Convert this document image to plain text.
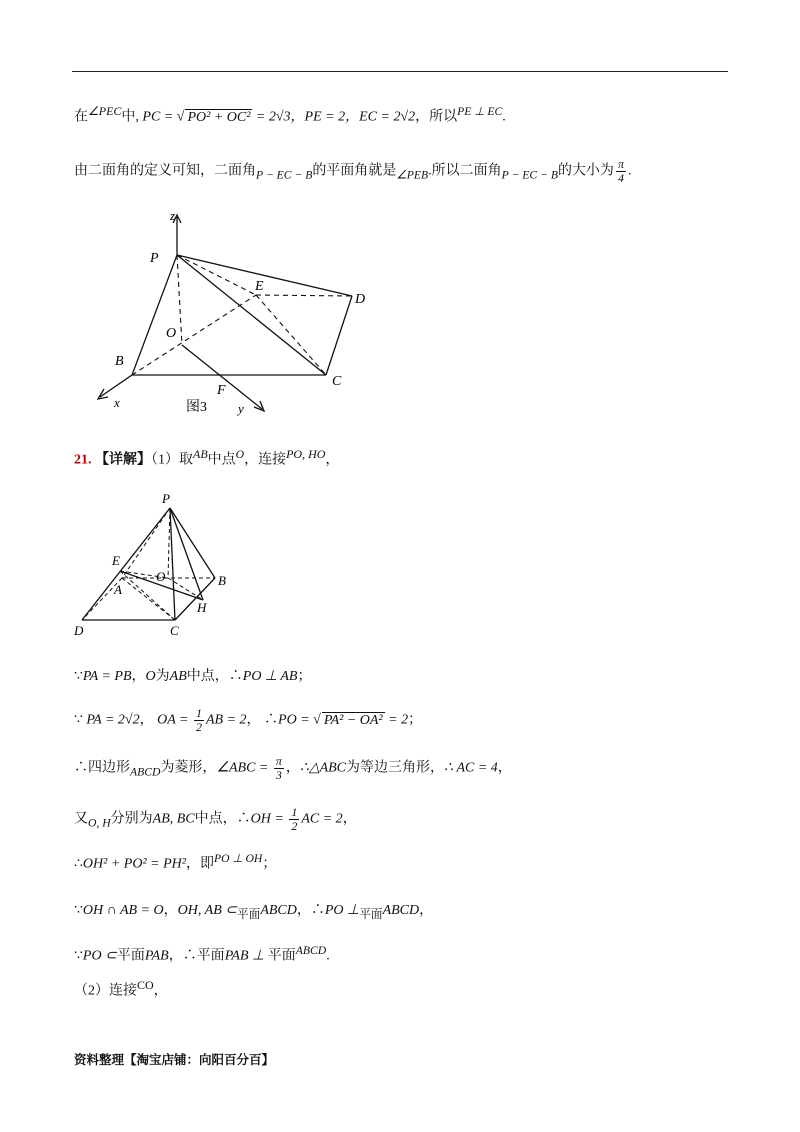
在$^{\angle PEC}$中, PC = √ PO² + OC² = 2√3，PE = 2，EC = 2√2，所以$^{PE \perp EC}$.
由二面角的定义可知，二面角$_{P - EC - B}$的平面角就是$_{\angle PEB}$.所以二面角$_{P - EC - B}$的大小为 $\frac{\pi}{4}$ .
z
P
E
D
O
B
C
F
x	y
图3
21. 【详解】（1）取$^{AB}$中点$^O$，连接$^{PO, HO}$，
P
E
O	B
A
H
D	C
∵PA = PB，O为AB中点，∴PO ⊥ AB；
∵ PA = 2√2， OA = $\frac{1}{2}$ AB = 2， ∴PO = √ PA² − OA² = 2；
∴四边形$_{ABCD}$为菱形，∠ABC = $\frac{\pi}{3}$ ，∴△ABC为等边三角形，∴ AC = 4，
又$_{O, H}$分别为AB, BC中点，∴OH = $\frac{1}{2}$ AC = 2，
∴OH² + PO² = PH²，即$^{PO \perp OH}$；
∵OH ∩ AB = O，OH, AB $\subset_{平面}ABCD$，∴PO $\perp_{平面}ABCD$，
∵PO ⊂平面PAB，∴平面PAB ⊥ 平面$^{ABCD}$.
（2）连接$^{CO}$，
资料整理【淘宝店铺：向阳百分百】
